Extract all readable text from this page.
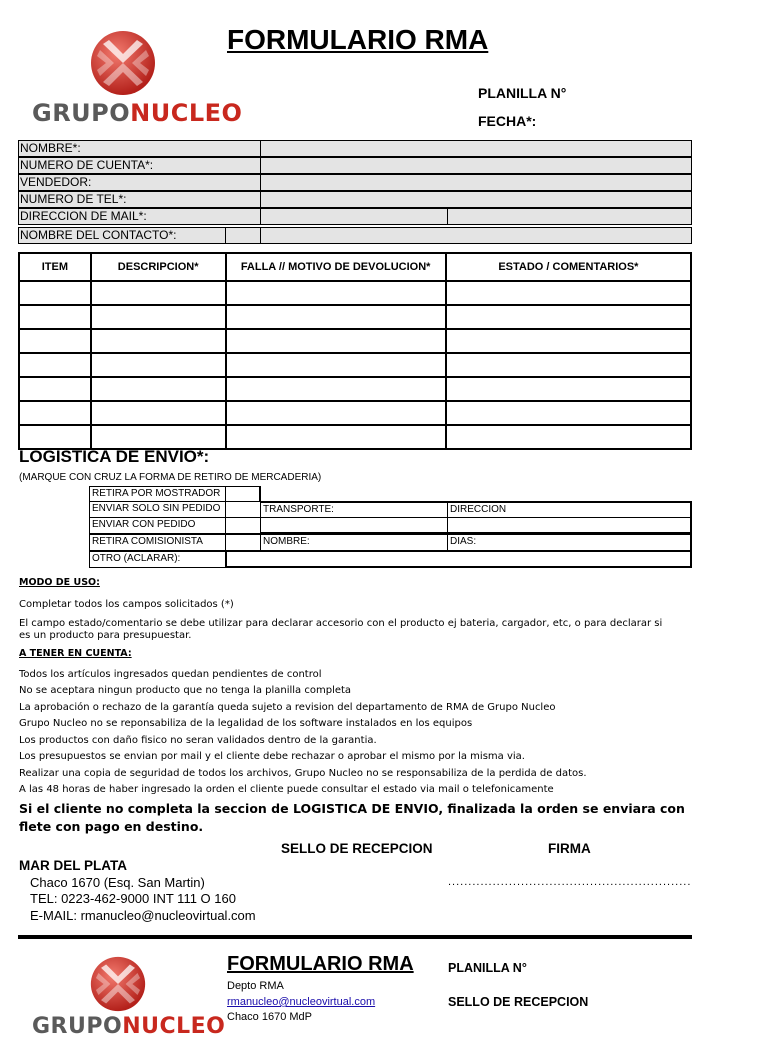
GRUPONUCLEO
FORMULARIO RMA
PLANILLA N°
FECHA*:
NOMBRE*:
NUMERO DE CUENTA*:
VENDEDOR:
NUMERO DE TEL*:
DIRECCION DE MAIL*:
NOMBRE DEL CONTACTO*:
ITEM	DESCRIPCION*	FALLA // MOTIVO DE DEVOLUCION*	ESTADO / COMENTARIOS*

LOGISTICA DE ENVIO*:
(MARQUE CON CRUZ LA FORMA DE RETIRO DE MERCADERIA)
RETIRA POR MOSTRADOR
ENVIAR SOLO SIN PEDIDO	TRANSPORTE:	DIRECCION
ENVIAR CON PEDIDO
RETIRA COMISIONISTA	NOMBRE:	DIAS:
OTRO (ACLARAR):
MODO DE USO:
Completar todos los campos solicitados (*)
El campo estado/comentario se debe utilizar para declarar accesorio con el producto ej bateria, cargador, etc, o para declarar si
es un producto para presupuestar.
A TENER EN CUENTA:
Todos los artículos ingresados quedan pendientes de control
No se aceptara ningun producto que no tenga la planilla completa
La aprobación o rechazo de la garantía queda sujeto a revision del departamento de RMA de Grupo Nucleo
Grupo Nucleo no se reponsabiliza de la legalidad de los software instalados en los equipos
Los productos con daño fisico no seran validados dentro de la garantia.
Los presupuestos se envian por mail y el cliente debe rechazar o aprobar el mismo por la misma via.
Realizar una copia de seguridad de todos los archivos, Grupo Nucleo no se responsabiliza de la perdida de datos.
A las 48 horas de haber ingresado la orden el cliente puede consultar el estado via mail o telefonicamente
Si el cliente no completa la seccion de LOGISTICA DE ENVIO, finalizada la orden se enviara con flete con pago en destino.
SELLO DE RECEPCION	FIRMA
MAR DEL PLATA
Chaco 1670 (Esq. San Martin)
TEL: 0223-462-9000 INT 111 O 160
E-MAIL: rmanucleo@nucleovirtual.com
............................................................
GRUPONUCLEO
FORMULARIO RMA	PLANILLA N°
Depto RMA
rmanucleo@nucleovirtual.com	SELLO DE RECEPCION
Chaco 1670 MdP
